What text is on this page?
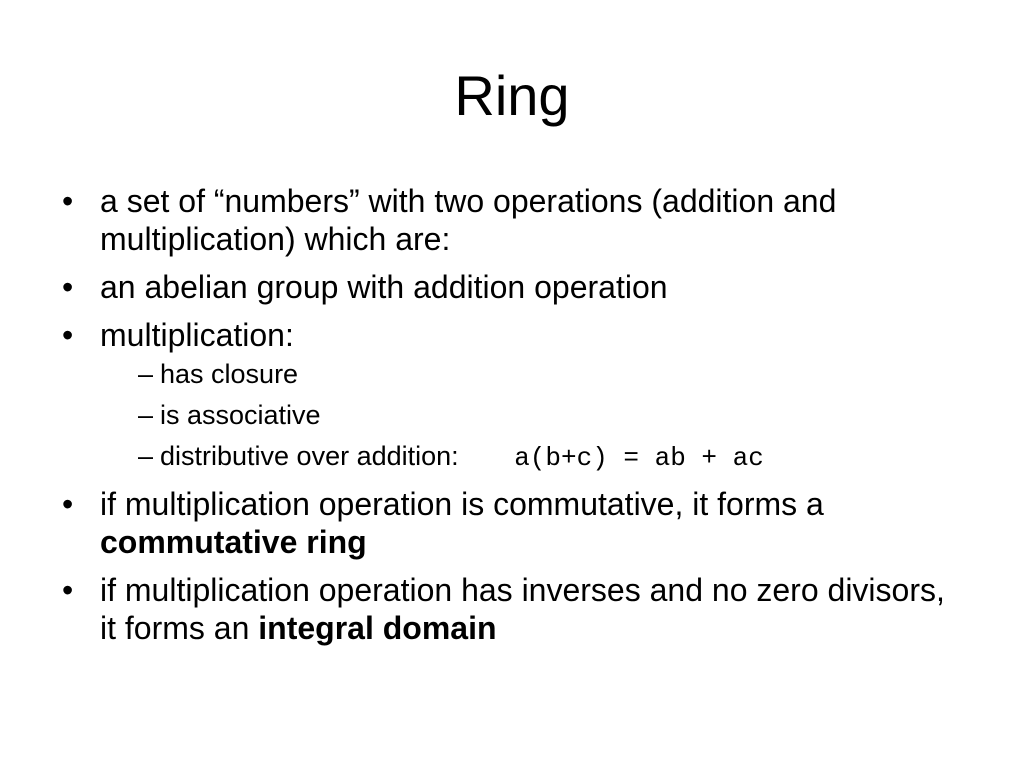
Ring
• a set of “numbers” with two operations (addition and multiplication) which are:
• an abelian group with addition operation
• multiplication:
– has closure
– is associative
– distributive over addition: a(b+c) = ab + ac
• if multiplication operation is commutative, it forms a commutative ring
• if multiplication operation has inverses and no zero divisors, it forms an integral domain
